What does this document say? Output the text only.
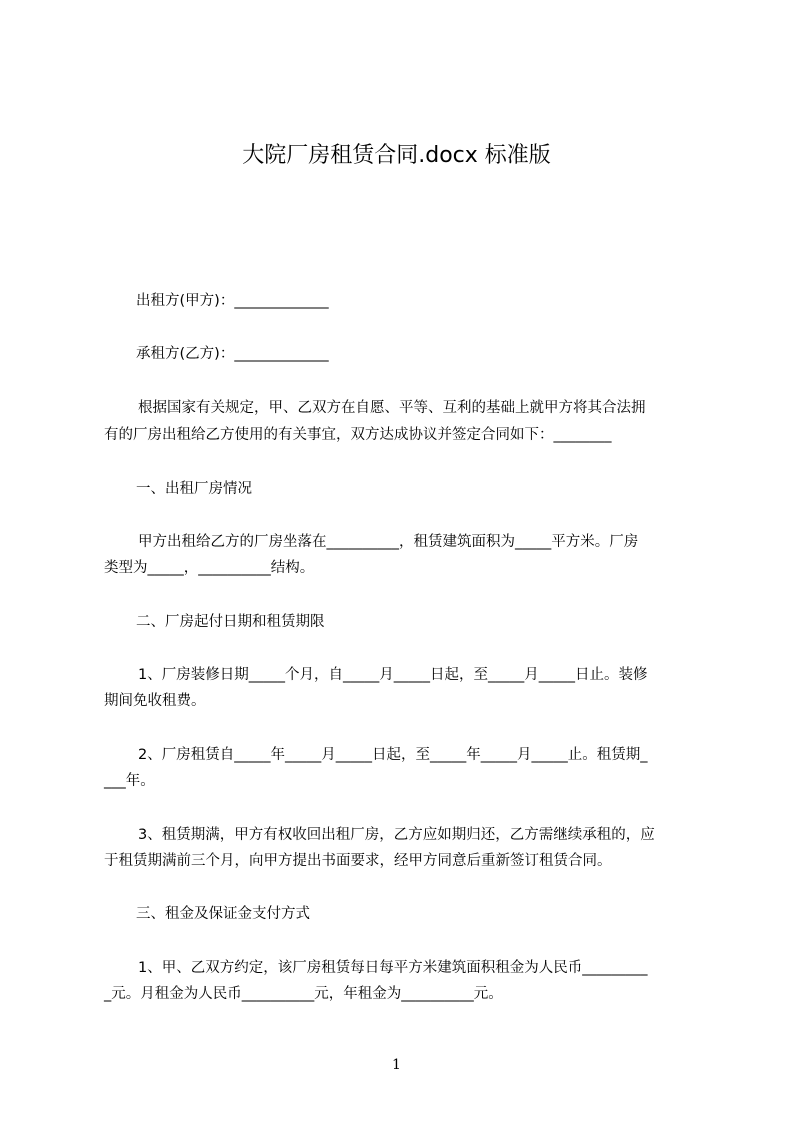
大院厂房租赁合同.docx 标准版
出租方(甲方)：_____________
承租方(乙方)：_____________
根据国家有关规定，甲、乙双方在自愿、平等、互利的基础上就甲方将其合法拥
有的厂房出租给乙方使用的有关事宜，双方达成协议并签定合同如下：________
一、出租厂房情况
甲方出租给乙方的厂房坐落在__________，租赁建筑面积为_____平方米。厂房
类型为_____，__________结构。
二、厂房起付日期和租赁期限
1、厂房装修日期_____个月，自_____月_____日起，至_____月_____日止。装修
期间免收租费。
2、厂房租赁自_____年_____月_____日起，至_____年_____月_____止。租赁期_
___年。
3、租赁期满，甲方有权收回出租厂房，乙方应如期归还，乙方需继续承租的，应
于租赁期满前三个月，向甲方提出书面要求，经甲方同意后重新签订租赁合同。
三、租金及保证金支付方式
1、甲、乙双方约定，该厂房租赁每日每平方米建筑面积租金为人民币_________
_元。月租金为人民币__________元，年租金为__________元。
1
